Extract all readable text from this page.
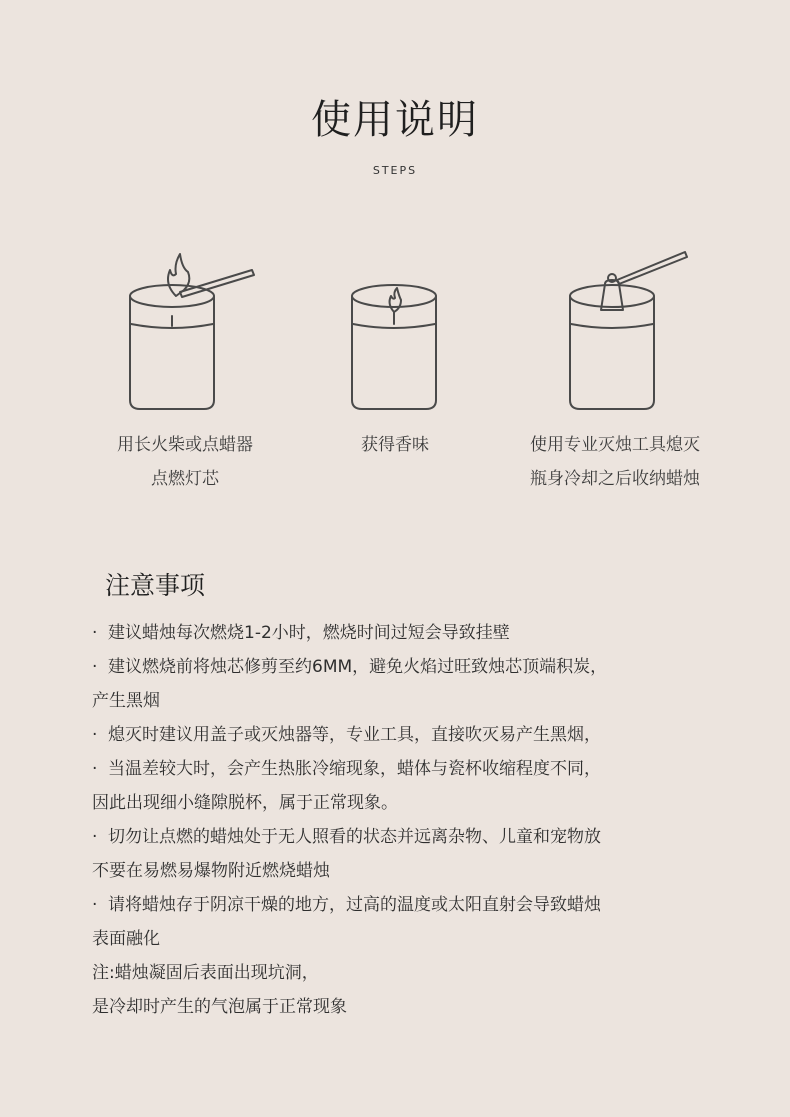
使用说明
STEPS
用长火柴或点蜡器
点燃灯芯
获得香味	使用专业灭烛工具熄灭
瓶身冷却之后收纳蜡烛
注意事项
· 建议蜡烛每次燃烧1-2小时，燃烧时间过短会导致挂壁
· 建议燃烧前将烛芯修剪至约6MM，避免火焰过旺致烛芯顶端积炭，
产生黑烟
· 熄灭时建议用盖子或灭烛器等，专业工具，直接吹灭易产生黑烟，
· 当温差较大时，会产生热胀冷缩现象，蜡体与瓷杯收缩程度不同，
因此出现细小缝隙脱杯，属于正常现象。
· 切勿让点燃的蜡烛处于无人照看的状态并远离杂物、儿童和宠物放
不要在易燃易爆物附近燃烧蜡烛
· 请将蜡烛存于阴凉干燥的地方，过高的温度或太阳直射会导致蜡烛
表面融化
注:蜡烛凝固后表面出现坑洞，
是冷却时产生的气泡属于正常现象
